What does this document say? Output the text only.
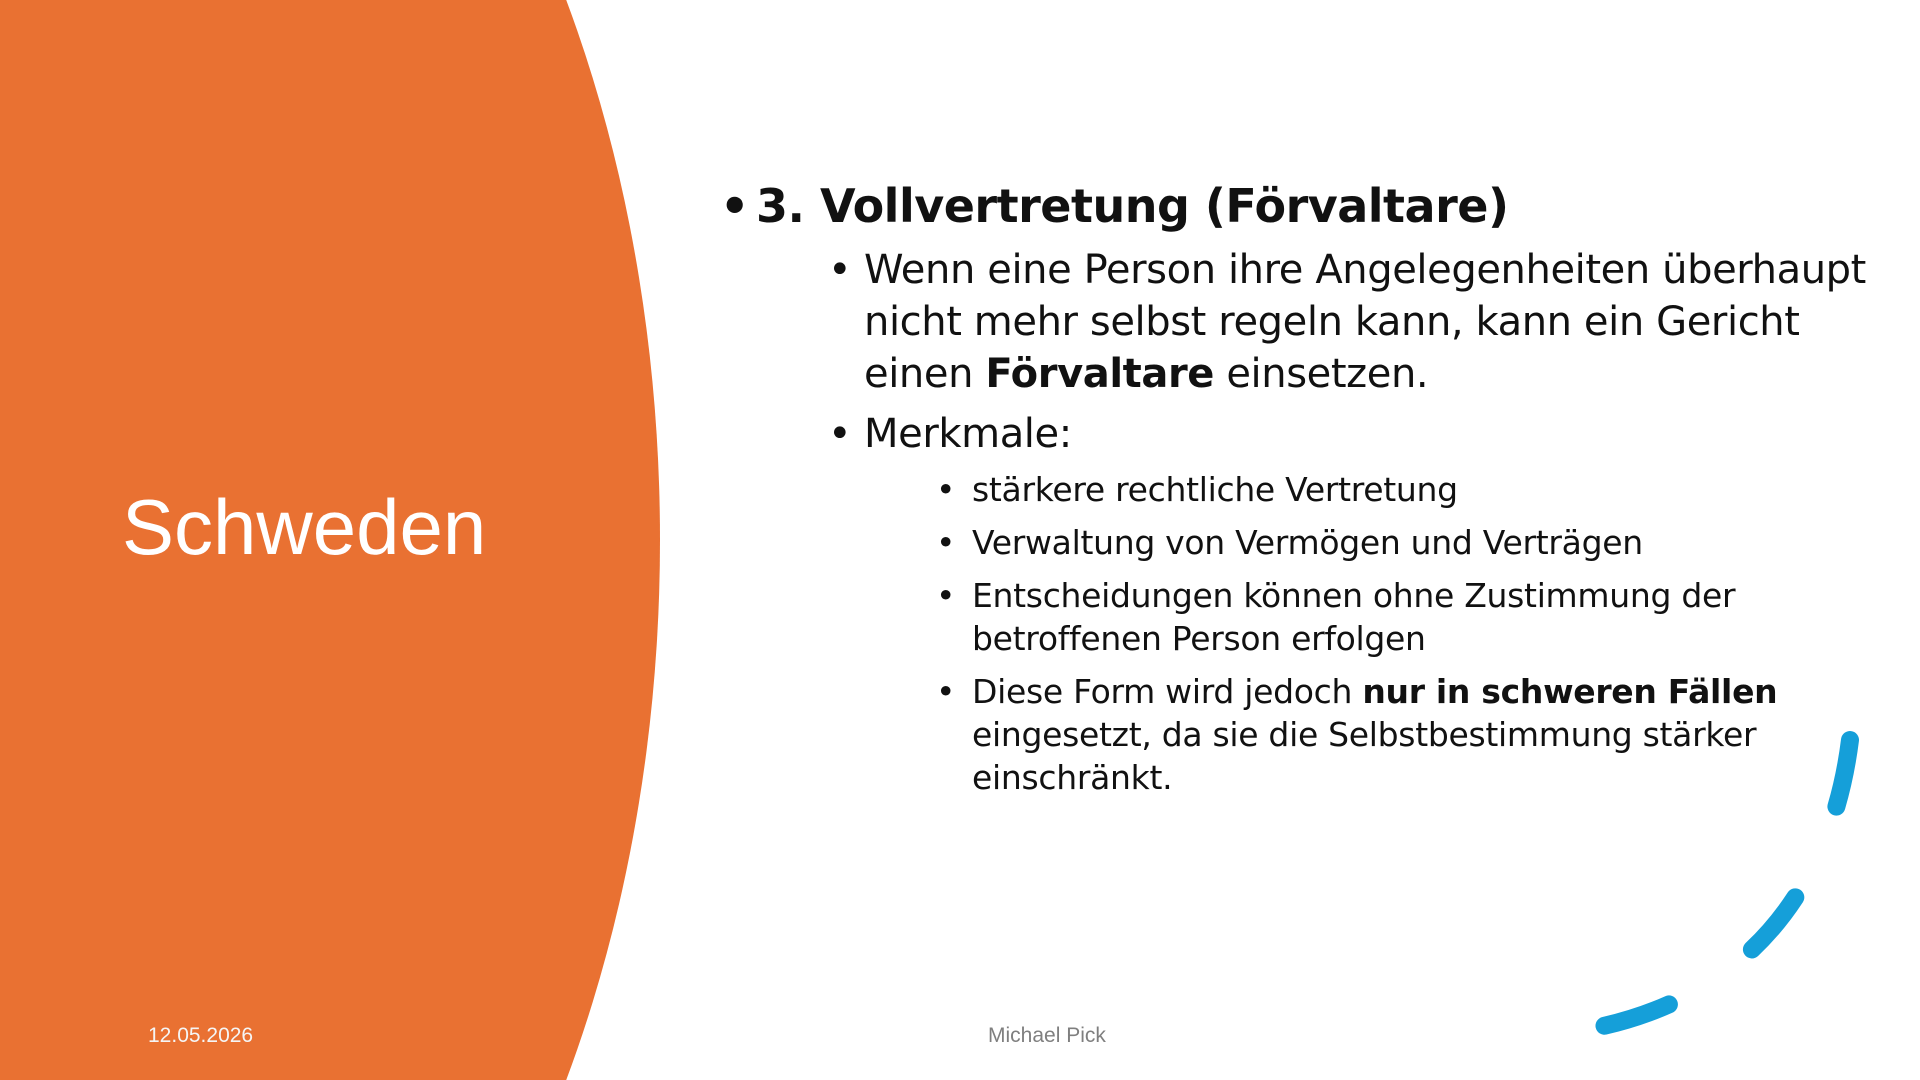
Schweden
• 3. Vollvertretung (Förvaltare)
• Wenn eine Person ihre Angelegenheiten überhaupt nicht mehr selbst regeln kann, kann ein Gericht einen Förvaltare einsetzen.
• Merkmale:
• stärkere rechtliche Vertretung
• Verwaltung von Vermögen und Verträgen
• Entscheidungen können ohne Zustimmung der betroffenen Person erfolgen
• Diese Form wird jedoch nur in schweren Fällen eingesetzt, da sie die Selbstbestimmung stärker einschränkt.
12.05.2026	Michael Pick
